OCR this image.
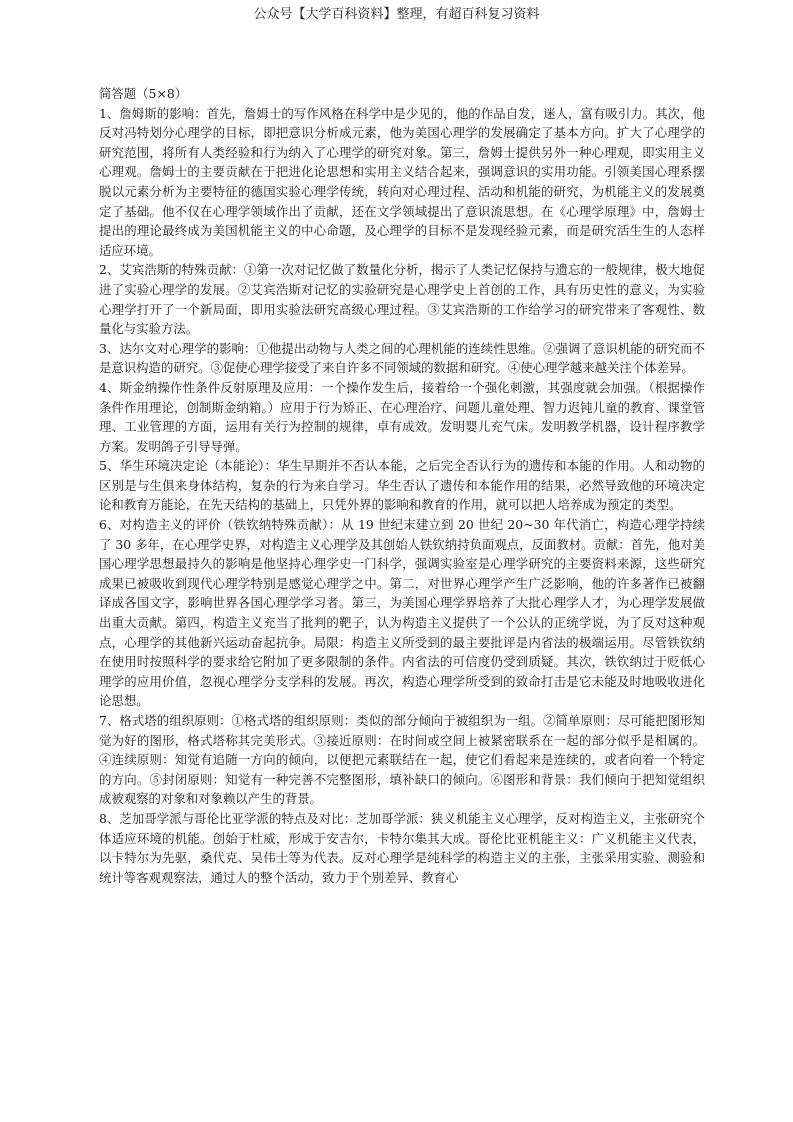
公众号【大学百科资料】整理，有超百科复习资料

简答题（5×8）

1、詹姆斯的影响：首先，詹姆士的写作风格在科学中是少见的，他的作品自发，迷人，富有吸引力。其次，他反对冯特划分心理学的目标，即把意识分析成元素，他为美国心理学的发展确定了基本方向。扩大了心理学的研究范围，将所有人类经验和行为纳入了心理学的研究对象。第三，詹姆士提供另外一种心理观，即实用主义心理观。詹姆士的主要贡献在于把进化论思想和实用主义结合起来，强调意识的实用功能。引领美国心理系摆脱以元素分析为主要特征的德国实验心理学传统，转向对心理过程、活动和机能的研究，为机能主义的发展奠定了基础。他不仅在心理学领域作出了贡献，还在文学领域提出了意识流思想。在《心理学原理》中，詹姆士提出的理论最终成为美国机能主义的中心命题，及心理学的目标不是发现经验元素，而是研究活生生的人态样适应环境。

2、艾宾浩斯的特殊贡献：①第一次对记忆做了数量化分析，揭示了人类记忆保持与遗忘的一般规律，极大地促进了实验心理学的发展。②艾宾浩斯对记忆的实验研究是心理学史上首创的工作，具有历史性的意义，为实验心理学打开了一个新局面，即用实验法研究高级心理过程。③艾宾浩斯的工作给学习的研究带来了客观性、数量化与实验方法。

3、达尔文对心理学的影响：①他提出动物与人类之间的心理机能的连续性思维。②强调了意识机能的研究而不是意识构造的研究。③促使心理学接受了来自许多不同领域的数据和研究。④使心理学越来越关注个体差异。

4、斯金纳操作性条件反射原理及应用：一个操作发生后，接着给一个强化刺激，其强度就会加强。（根据操作条件作用理论，创制斯金纳箱。）应用于行为矫正、在心理治疗、问题儿童处理、智力迟钝儿童的教育、课堂管理、工业管理的方面，运用有关行为控制的规律，卓有成效。发明婴儿充气床。发明教学机器，设计程序教学方案。发明鸽子引导导弹。

5、华生环境决定论（本能论）：华生早期并不否认本能，之后完全否认行为的遗传和本能的作用。人和动物的区别是与生俱来身体结构，复杂的行为来自学习。华生否认了遗传和本能作用的结果，必然导致他的环境决定论和教育万能论，在先天结构的基础上，只凭外界的影响和教育的作用，就可以把人培养成为预定的类型。

6、对构造主义的评价（铁钦纳特殊贡献）：从 19 世纪末建立到 20 世纪 20~30 年代消亡，构造心理学持续了 30 多年，在心理学史界，对构造主义心理学及其创始人铁钦纳持负面观点，反面教材。贡献：首先，他对美国心理学思想最持久的影响是他坚持心理学史一门科学，强调实验室是心理学研究的主要资料来源，这些研究成果已被吸收到现代心理学特别是感觉心理学之中。第二，对世界心理学产生广泛影响，他的许多著作已被翻译成各国文字，影响世界各国心理学学习者。第三，为美国心理学界培养了大批心理学人才，为心理学发展做出重大贡献。第四，构造主义充当了批判的靶子，认为构造主义提供了一个公认的正统学说，为了反对这种观点，心理学的其他新兴运动奋起抗争。局限：构造主义所受到的最主要批评是内省法的极端运用。尽管铁钦纳在使用时按照科学的要求给它附加了更多限制的条件。内省法的可信度仍受到质疑。其次，铁钦纳过于贬低心理学的应用价值，忽视心理学分支学科的发展。再次，构造心理学所受到的致命打击是它未能及时地吸收进化论思想。

7、格式塔的组织原则：①格式塔的组织原则：类似的部分倾向于被组织为一组。②简单原则：尽可能把图形知觉为好的图形，格式塔称其完美形式。③接近原则：在时间或空间上被紧密联系在一起的部分似乎是相属的。④连续原则：知觉有追随一方向的倾向，以便把元素联结在一起，使它们看起来是连续的，或者向着一个特定的方向。⑤封闭原则：知觉有一种完善不完整图形，填补缺口的倾向。⑥图形和背景：我们倾向于把知觉组织成被观察的对象和对象赖以产生的背景。

8、芝加哥学派与哥伦比亚学派的特点及对比：芝加哥学派：狭义机能主义心理学，反对构造主义，主张研究个体适应环境的机能。创始于杜威，形成于安吉尔，卡特尔集其大成。哥伦比亚机能主义：广义机能主义代表，以卡特尔为先驱，桑代克、吴伟士等为代表。反对心理学是纯科学的构造主义的主张，主张采用实验、测验和统计等客观观察法，通过人的整个活动，致力于个别差异、教育心
